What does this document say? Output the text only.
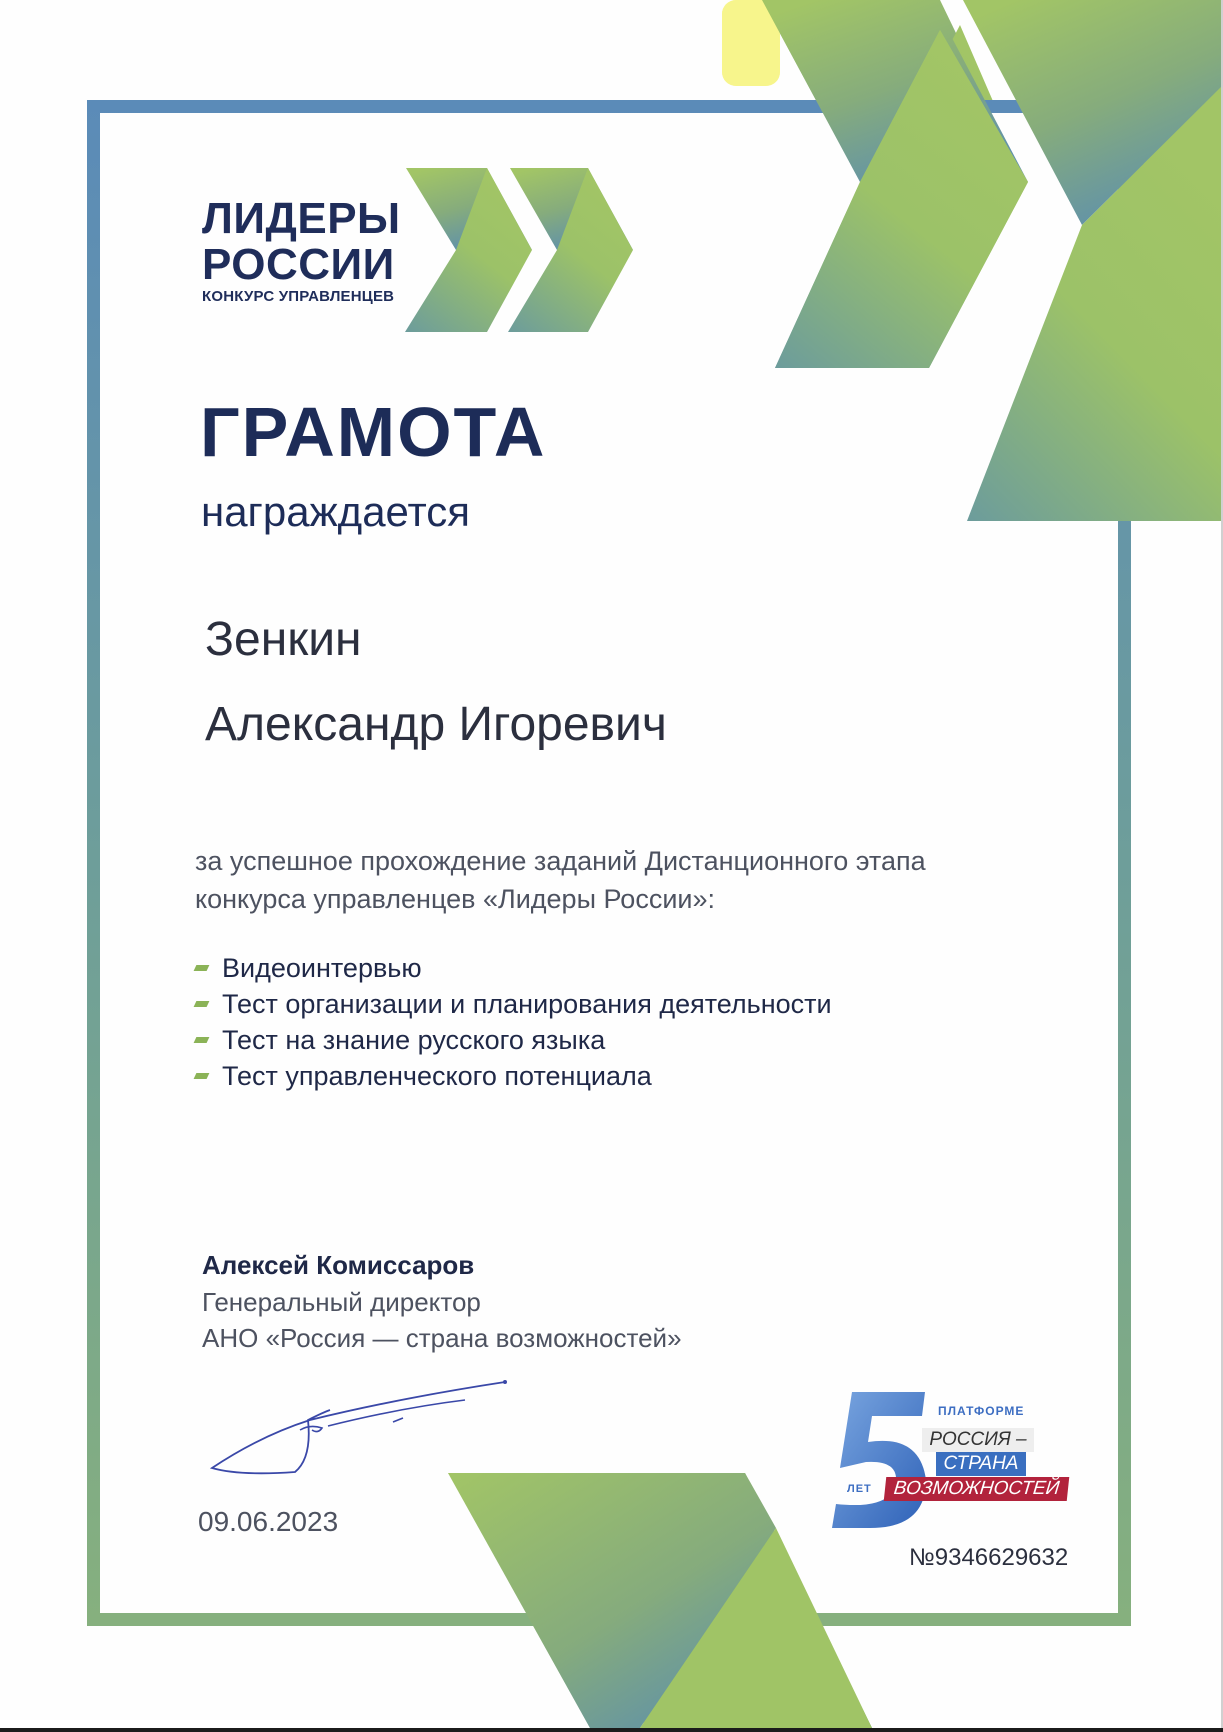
ЛИДЕРЫ
РОССИИ
КОНКУРС УПРАВЛЕНЦЕВ
ГРАМОТА
награждается
Зенкин
Александр Игоревич
за успешное прохождение заданий Дистанционного этапа
конкурса управленцев «Лидеры России»:
Видеоинтервью
Тест организации и планирования деятельности
Тест на знание русского языка
Тест управленческого потенциала
Алексей Комиссаров
Генеральный директор
АНО «Россия — страна возможностей»
09.06.2023
ПЛАТФОРМЕ
РОССИЯ –
СТРАНА
ВОЗМОЖНОСТЕЙ
ЛЕТ
№9346629632
